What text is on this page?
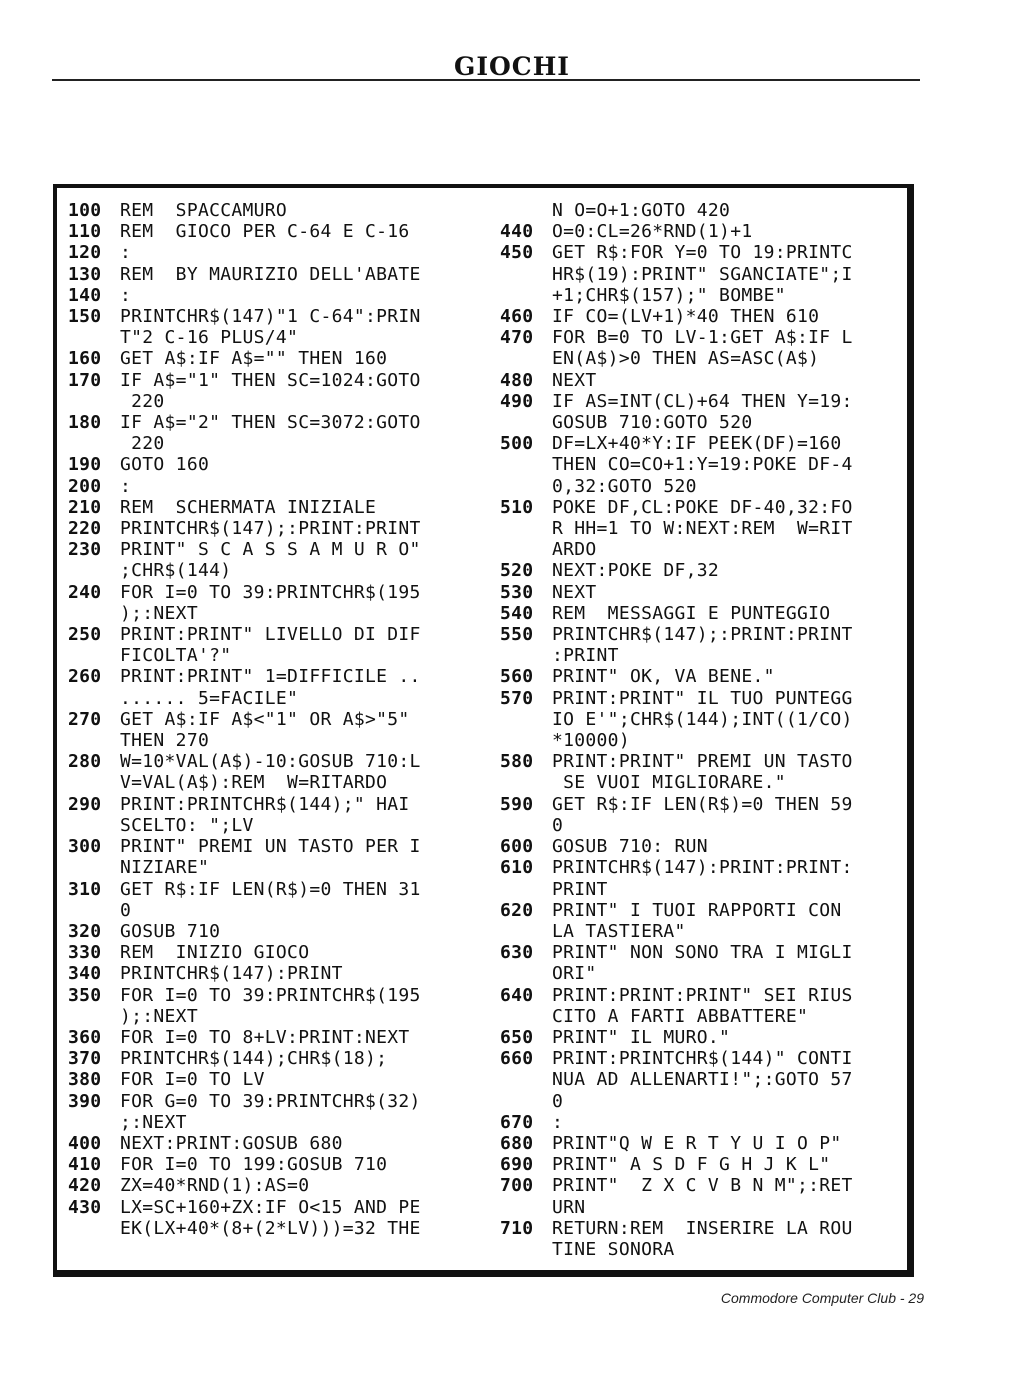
GIOCHI
100	REM  SPACCAMURO
110	REM  GIOCO PER C-64 E C-16
120	:
130	REM  BY MAURIZIO DELL'ABATE
140	:
150	PRINTCHR$(147)"1 C-64":PRIN
T"2 C-16 PLUS/4"
160	GET A$:IF A$="" THEN 160
170	IF A$="1" THEN SC=1024:GOTO
220
180	IF A$="2" THEN SC=3072:GOTO
220
190	GOTO 160
200	:
210	REM  SCHERMATA INIZIALE
220	PRINTCHR$(147);:PRINT:PRINT
230	PRINT" S C A S S A M U R O"
;CHR$(144)
240	FOR I=0 TO 39:PRINTCHR$(195
);:NEXT
250	PRINT:PRINT" LIVELLO DI DIF
FICOLTA'?"
260	PRINT:PRINT" 1=DIFFICILE ..
...... 5=FACILE"
270	GET A$:IF A$<"1" OR A$>"5"
THEN 270
280	W=10*VAL(A$)-10:GOSUB 710:L
V=VAL(A$):REM  W=RITARDO
290	PRINT:PRINTCHR$(144);" HAI
SCELTO: ";LV
300	PRINT" PREMI UN TASTO PER I
NIZIARE"
310	GET R$:IF LEN(R$)=0 THEN 31
0
320	GOSUB 710
330	REM  INIZIO GIOCO
340	PRINTCHR$(147):PRINT
350	FOR I=0 TO 39:PRINTCHR$(195
);:NEXT
360	FOR I=0 TO 8+LV:PRINT:NEXT
370	PRINTCHR$(144);CHR$(18);
380	FOR I=0 TO LV
390	FOR G=0 TO 39:PRINTCHR$(32)
;:NEXT
400	NEXT:PRINT:GOSUB 680
410	FOR I=0 TO 199:GOSUB 710
420	ZX=40*RND(1):AS=0
430	LX=SC+160+ZX:IF O<15 AND PE
EK(LX+40*(8+(2*LV)))=32 THE
N O=O+1:GOTO 420
440	O=0:CL=26*RND(1)+1
450	GET R$:FOR Y=0 TO 19:PRINTC
HR$(19):PRINT" SGANCIATE";I
+1;CHR$(157);" BOMBE"
460	IF CO=(LV+1)*40 THEN 610
470	FOR B=0 TO LV-1:GET A$:IF L
EN(A$)>0 THEN AS=ASC(A$)
480	NEXT
490	IF AS=INT(CL)+64 THEN Y=19:
GOSUB 710:GOTO 520
500	DF=LX+40*Y:IF PEEK(DF)=160
THEN CO=CO+1:Y=19:POKE DF-4
0,32:GOTO 520
510	POKE DF,CL:POKE DF-40,32:FO
R HH=1 TO W:NEXT:REM  W=RIT
ARDO
520	NEXT:POKE DF,32
530	NEXT
540	REM  MESSAGGI E PUNTEGGIO
550	PRINTCHR$(147);:PRINT:PRINT
:PRINT
560	PRINT" OK, VA BENE."
570	PRINT:PRINT" IL TUO PUNTEGG
IO E'";CHR$(144);INT((1/CO)
*10000)
580	PRINT:PRINT" PREMI UN TASTO
SE VUOI MIGLIORARE."
590	GET R$:IF LEN(R$)=0 THEN 59
0
600	GOSUB 710: RUN
610	PRINTCHR$(147):PRINT:PRINT:
PRINT
620	PRINT" I TUOI RAPPORTI CON
LA TASTIERA"
630	PRINT" NON SONO TRA I MIGLI
ORI"
640	PRINT:PRINT:PRINT" SEI RIUS
CITO A FARTI ABBATTERE"
650	PRINT" IL MURO."
660	PRINT:PRINTCHR$(144)" CONTI
NUA AD ALLENARTI!";:GOTO 57
0
670	:
680	PRINT"Q W E R T Y U I O P"
690	PRINT" A S D F G H J K L"
700	PRINT"  Z X C V B N M";:RET
URN
710	RETURN:REM  INSERIRE LA ROU
TINE SONORA
Commodore Computer Club - 29
